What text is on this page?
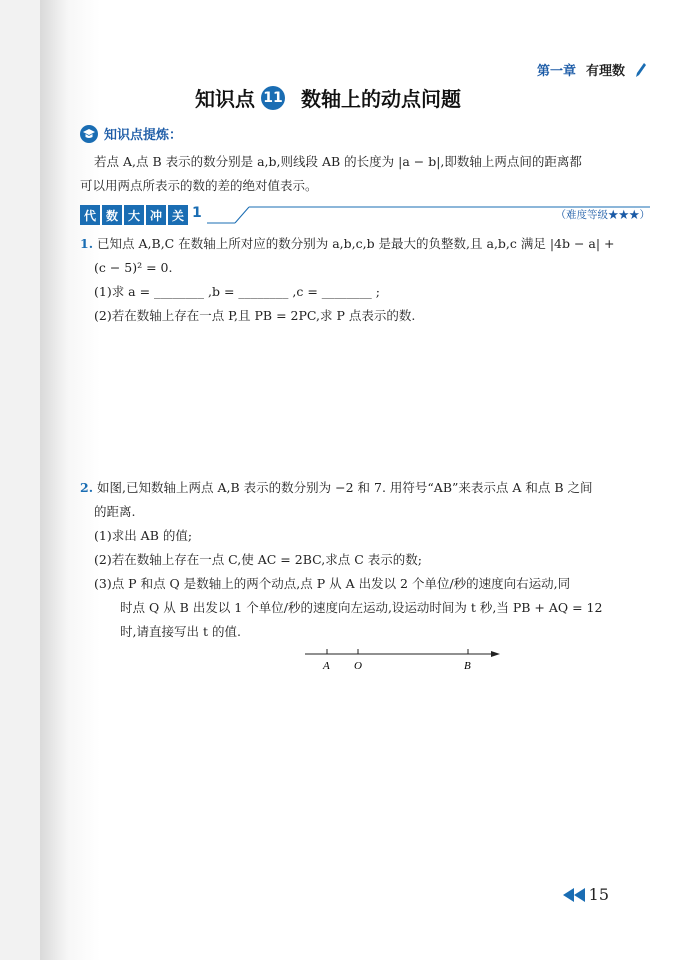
第一章 有理数
知识点 11 数轴上的动点问题
知识点提炼：
若点 A,点 B 表示的数分别是 a,b,则线段 AB 的长度为 |a − b|,即数轴上两点间的距离都
可以用两点所表示的数的差的绝对值表示。
代 数 大 冲 关 1	（难度等级★★★）
1. 已知点 A,B,C 在数轴上所对应的数分别为 a,b,c,b 是最大的负整数,且 a,b,c 满足 |4b − a| +
(c − 5)² = 0.
(1)求 a = ________ ,b = ________ ,c = ________ ;
(2)若在数轴上存在一点 P,且 PB = 2PC,求 P 点表示的数.
2. 如图,已知数轴上两点 A,B 表示的数分别为 −2 和 7. 用符号“AB”来表示点 A 和点 B 之间
的距离.
(1)求出 AB 的值;
(2)若在数轴上存在一点 C,使 AC = 2BC,求点 C 表示的数;
(3)点 P 和点 Q 是数轴上的两个动点,点 P 从 A 出发以 2 个单位/秒的速度向右运动,同
时点 Q 从 B 出发以 1 个单位/秒的速度向左运动,设运动时间为 t 秒,当 PB + AQ = 12
时,请直接写出 t 的值.
A O	B
15
